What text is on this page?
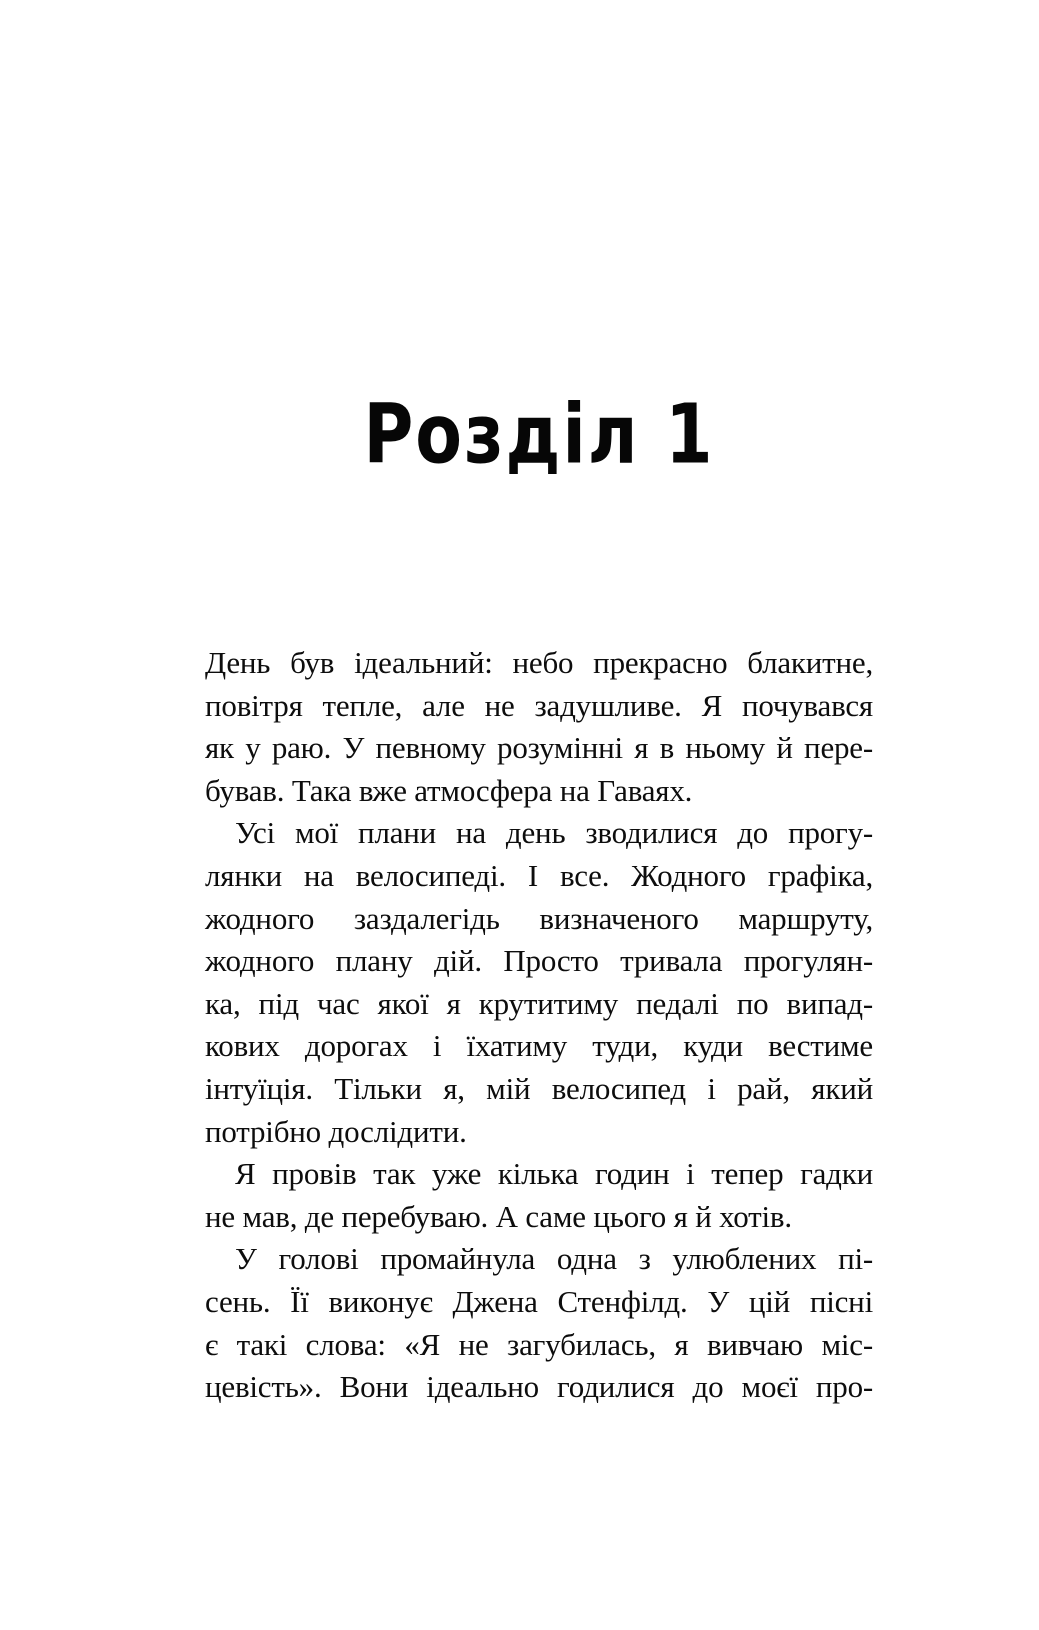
Розділ 1

День був ідеальний: небо прекрасно блакитне,
повітря тепле, але не задушливе. Я почувався
як у раю. У певному розумінні я в ньому й пере-
бував. Така вже атмосфера на Гаваях.

Усі мої плани на день зводилися до прогу-
лянки на велосипеді. І все. Жодного графіка,
жодного заздалегідь визначеного маршруту,
жодного плану дій. Просто тривала прогулян-
ка, під час якої я крутитиму педалі по випад-
кових дорогах і їхатиму туди, куди вестиме
інтуїція. Тільки я, мій велосипед і рай, який
потрібно дослідити.

Я провів так уже кілька годин і тепер гадки
не мав, де перебуваю. А саме цього я й хотів.

У голові промайнула одна з улюблених пі-
сень. Її виконує Джена Стенфілд. У цій пісні
є такі слова: «Я не загубилась, я вивчаю міс-
цевість». Вони ідеально годилися до моєї про-
